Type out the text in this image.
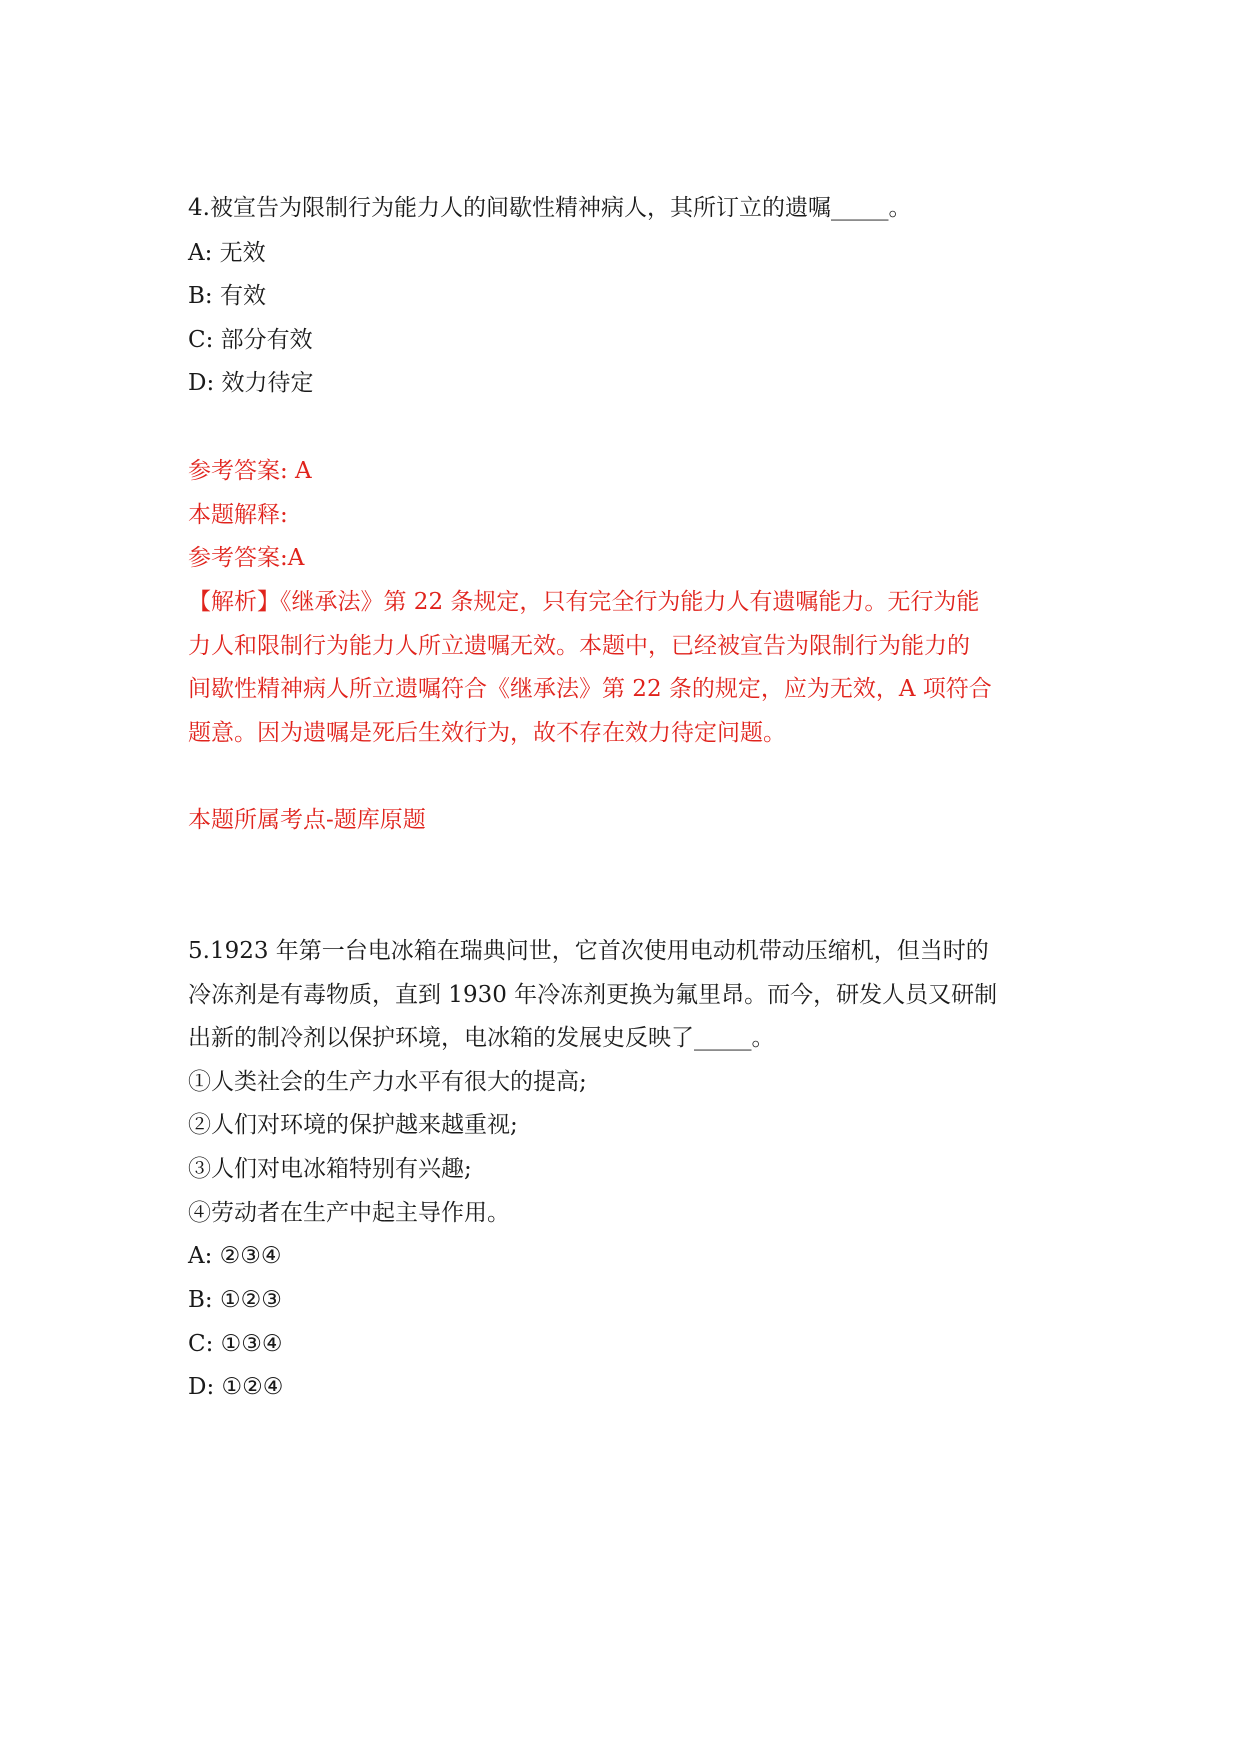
4.被宣告为限制行为能力人的间歇性精神病人，其所订立的遗嘱_____。
A: 无效
B: 有效
C: 部分有效
D: 效力待定
参考答案: A
本题解释:
参考答案:A
【解析】《继承法》第 22 条规定，只有完全行为能力人有遗嘱能力。无行为能
力人和限制行为能力人所立遗嘱无效。本题中，已经被宣告为限制行为能力的
间歇性精神病人所立遗嘱符合《继承法》第 22 条的规定，应为无效，A 项符合
题意。因为遗嘱是死后生效行为，故不存在效力待定问题。
本题所属考点-题库原题
5.1923 年第一台电冰箱在瑞典问世，它首次使用电动机带动压缩机，但当时的
冷冻剂是有毒物质，直到 1930 年冷冻剂更换为氟里昂。而今，研发人员又研制
出新的制冷剂以保护环境，电冰箱的发展史反映了_____。
①人类社会的生产力水平有很大的提高;
②人们对环境的保护越来越重视;
③人们对电冰箱特别有兴趣;
④劳动者在生产中起主导作用。
A: ②③④
B: ①②③
C: ①③④
D: ①②④
